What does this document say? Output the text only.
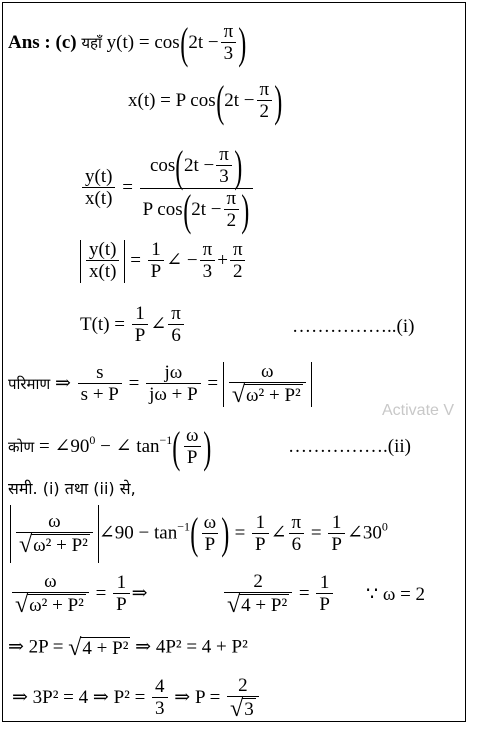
Ans : (c) यहाँ $y(t) = \cos(2t - \frac{\pi}{3}$ )
x(t) = P $\cos(2t - \frac{\pi}{2}$ )
$\frac{y(t)}{x(t)} = \frac{\cos(2t - \frac{\pi}{3} )}{P \cos(2t - \frac{\pi}{2} )}$
$\frac{y(t)}{x(t)} = \frac{1}{P}$ ∠ − $\frac{\pi}{3} + \frac{\pi}{2}$
$T(t) = \frac{1}{P}$ ∠ $\frac{\pi}{6}$	……………..(i)
परिमाण ⇒ $\frac{s}{s + P} = \frac{j\omega}{j\omega + P} = \frac{\omega}{\text{√ ω² + P²}}$
Activate V
कोण = $\angle 90^0$ − ∠ $\tan^{-1}( \frac{\omega}{P}$ )	…………….(ii)
समी. (i) तथा (ii) से,
$\frac{\omega}{\text{√ ω² + P²}}$ ∠90 − $\tan^{-1}( \frac{\omega}{P}$ ) = $\frac{1}{P}$ ∠ $\frac{\pi}{6} = \frac{1}{P}$ $\angle 30^0$
$\frac{\omega}{\text{√ ω² + P²}} = \frac{1}{P}$ ⇒	$\frac{2}{\text{√ 4 + P²}} = \frac{1}{P}$ ∵ ω = 2
⇒ 2P = √ 4 + P² ⇒ 4P² = 4 + P²
⇒ 3P² = 4 ⇒ $P^2 = \frac{4}{3}$ ⇒ $P = \frac{2}{√ 3}$
